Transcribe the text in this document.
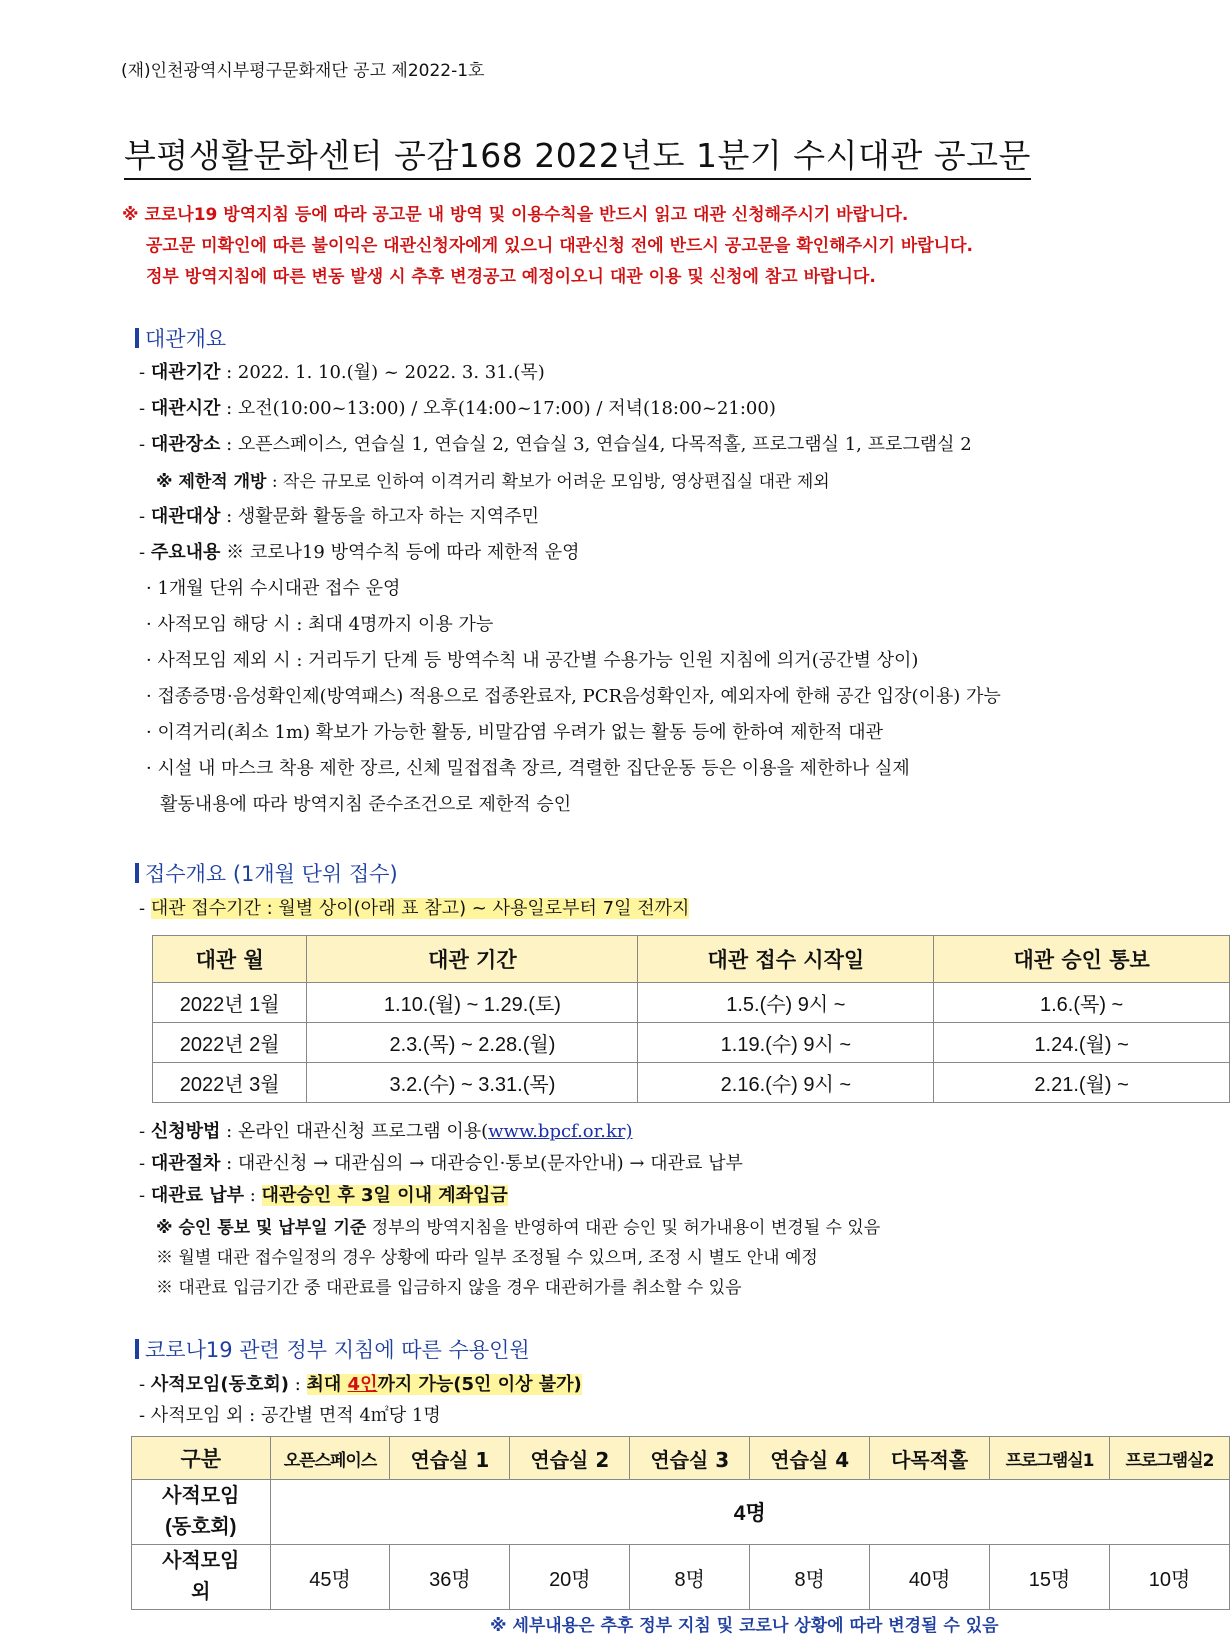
(재)인천광역시부평구문화재단 공고 제2022-1호
부평생활문화센터 공감168 2022년도 1분기 수시대관 공고문
※ 코로나19 방역지침 등에 따라 공고문 내 방역 및 이용수칙을 반드시 읽고 대관 신청해주시기 바랍니다.
공고문 미확인에 따른 불이익은 대관신청자에게 있으니 대관신청 전에 반드시 공고문을 확인해주시기 바랍니다.
정부 방역지침에 따른 변동 발생 시 추후 변경공고 예정이오니 대관 이용 및 신청에 참고 바랍니다.
대관개요
- 대관기간 : 2022. 1. 10.(월) ~ 2022. 3. 31.(목)
- 대관시간 : 오전(10:00~13:00) / 오후(14:00~17:00) / 저녁(18:00~21:00)
- 대관장소 : 오픈스페이스, 연습실 1, 연습실 2, 연습실 3, 연습실4, 다목적홀, 프로그램실 1, 프로그램실 2
※ 제한적 개방 : 작은 규모로 인하여 이격거리 확보가 어려운 모임방, 영상편집실 대관 제외
- 대관대상 : 생활문화 활동을 하고자 하는 지역주민
- 주요내용 ※ 코로나19 방역수칙 등에 따라 제한적 운영
· 1개월 단위 수시대관 접수 운영
· 사적모임 해당 시 : 최대 4명까지 이용 가능
· 사적모임 제외 시 : 거리두기 단계 등 방역수칙 내 공간별 수용가능 인원 지침에 의거(공간별 상이)
· 접종증명·음성확인제(방역패스) 적용으로 접종완료자, PCR음성확인자, 예외자에 한해 공간 입장(이용) 가능
· 이격거리(최소 1m) 확보가 가능한 활동, 비말감염 우려가 없는 활동 등에 한하여 제한적 대관
· 시설 내 마스크 착용 제한 장르, 신체 밀접접촉 장르, 격렬한 집단운동 등은 이용을 제한하나 실제
활동내용에 따라 방역지침 준수조건으로 제한적 승인
접수개요 (1개월 단위 접수)
- 대관 접수기간 : 월별 상이(아래 표 참고) ~ 사용일로부터 7일 전까지
대관 월	대관 기간	대관 접수 시작일	대관 승인 통보
2022년 1월	1.10.(월) ~ 1.29.(토)	1.5.(수) 9시 ~	1.6.(목) ~
2022년 2월	2.3.(목) ~ 2.28.(월)	1.19.(수) 9시 ~	1.24.(월) ~
2022년 3월	3.2.(수) ~ 3.31.(목)	2.16.(수) 9시 ~	2.21.(월) ~
- 신청방법 : 온라인 대관신청 프로그램 이용(www.bpcf.or.kr)
- 대관절차 : 대관신청 → 대관심의 → 대관승인·통보(문자안내) → 대관료 납부
- 대관료 납부 : 대관승인 후 3일 이내 계좌입금
※ 승인 통보 및 납부일 기준 정부의 방역지침을 반영하여 대관 승인 및 허가내용이 변경될 수 있음
※ 월별 대관 접수일정의 경우 상황에 따라 일부 조정될 수 있으며, 조정 시 별도 안내 예정
※ 대관료 입금기간 중 대관료를 입금하지 않을 경우 대관허가를 취소할 수 있음
코로나19 관련 정부 지침에 따른 수용인원
- 사적모임(동호회) : 최대 4인까지 가능(5인 이상 불가)
- 사적모임 외 : 공간별 면적 4㎡당 1명
구분	오픈스페이스	연습실 1	연습실 2	연습실 3	연습실 4	다목적홀	프로그램실1	프로그램실2
사적모임
(동호회)	4명							
사적모임
외	45명	36명	20명	8명	8명	40명	15명	10명
※ 세부내용은 추후 정부 지침 및 코로나 상황에 따라 변경될 수 있음
